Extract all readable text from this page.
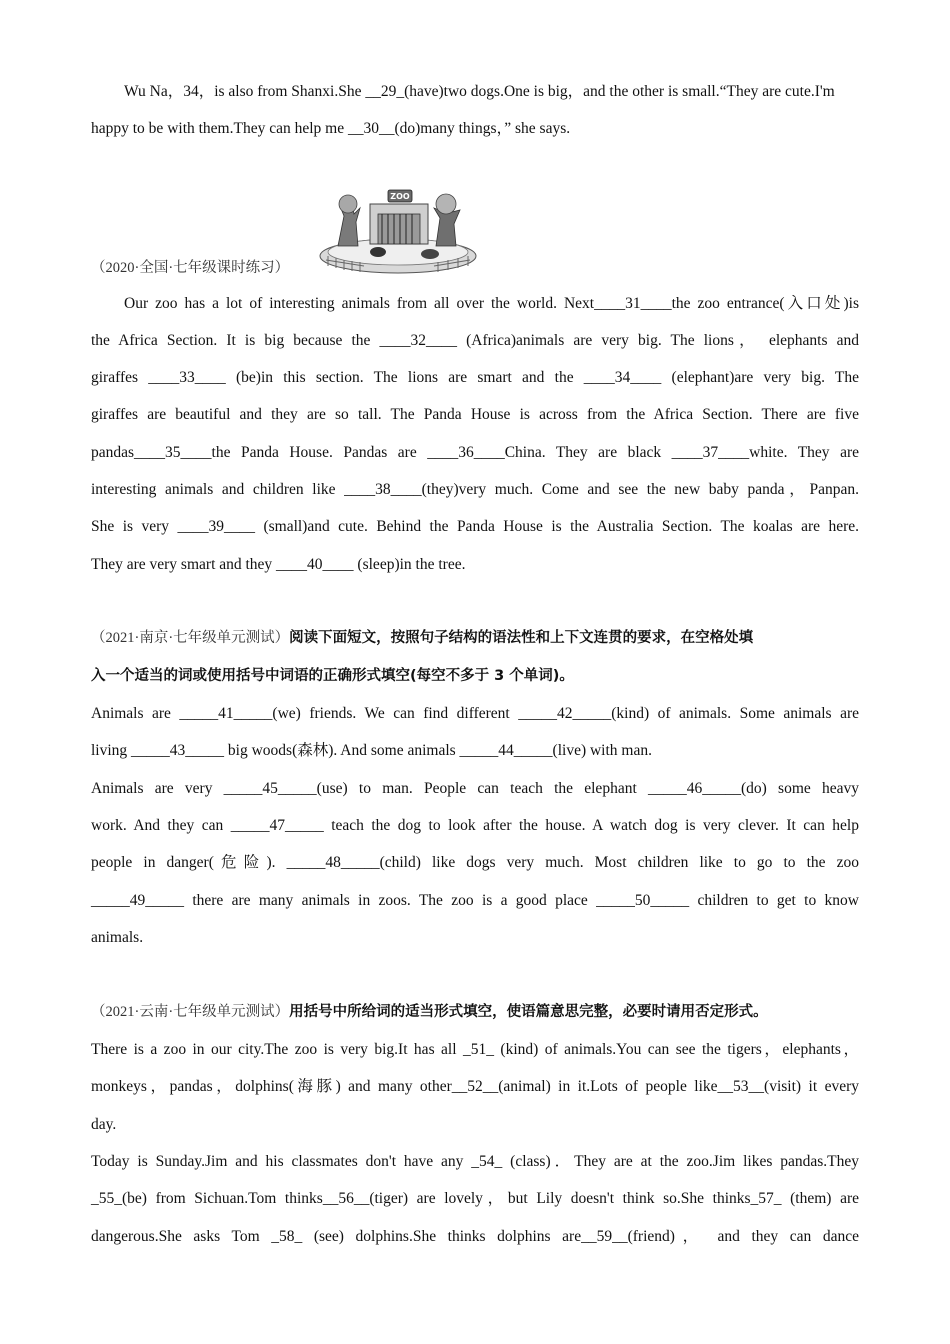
Wu Na，34，is also from Shanxi.She __29_(have)two dogs.One is big，and the other is small.“They are cute.I'm
happy to be with them.They can help me __30__(do)many things，” she says.
ZOO
（2020·全国·七年级课时练习）
Our zoo has a lot of interesting animals from all over the world. Next____31____the zoo entrance(入口处)is
the Africa Section. It is big because the ____32____ (Africa)animals are very big. The lions， elephants and
giraffes ____33____ (be)in this section. The lions are smart and the ____34____ (elephant)are very big. The
giraffes are beautiful and they are so tall. The Panda House is across from the Africa Section. There are five
pandas____35____the Panda House. Pandas are ____36____China. They are black ____37____white. They are
interesting animals and children like ____38____(they)very much. Come and see the new baby panda，Panpan.
She is very ____39____ (small)and cute. Behind the Panda House is the Australia Section. The koalas are here.
They are very smart and they ____40____ (sleep)in the tree.
（2021·南京·七年级单元测试）阅读下面短文，按照句子结构的语法性和上下文连贯的要求，在空格处填
入一个适当的词或使用括号中词语的正确形式填空(每空不多于 3 个单词)。
Animals are _____41_____(we) friends. We can find different _____42_____(kind) of animals. Some animals are
living _____43_____ big woods(森林). And some animals _____44_____(live) with man.
Animals are very _____45_____(use) to man. People can teach the elephant _____46_____(do) some heavy
work. And they can _____47_____ teach the dog to look after the house. A watch dog is very clever. It can help
people in danger(危险). _____48_____(child) like dogs very much. Most children like to go to the zoo
_____49_____ there are many animals in zoos. The zoo is a good place _____50_____ children to get to know
animals.
（2021·云南·七年级单元测试）用括号中所给词的适当形式填空，使语篇意思完整，必要时请用否定形式。
There is a zoo in our city.The zoo is very big.It has all _51_ (kind) of animals.You can see the tigers，elephants，
monkeys，pandas，dolphins(海豚) and many other__52__(animal) in it.Lots of people like__53__(visit) it every
day.
Today is Sunday.Jim and his classmates don't have any _54_ (class)．They are at the zoo.Jim likes pandas.They
_55_(be) from Sichuan.Tom thinks__56__(tiger) are lovely，but Lily doesn't think so.She thinks_57_ (them) are
dangerous.She asks Tom _58_ (see) dolphins.She thinks dolphins are__59__(friend)， and they can dance
